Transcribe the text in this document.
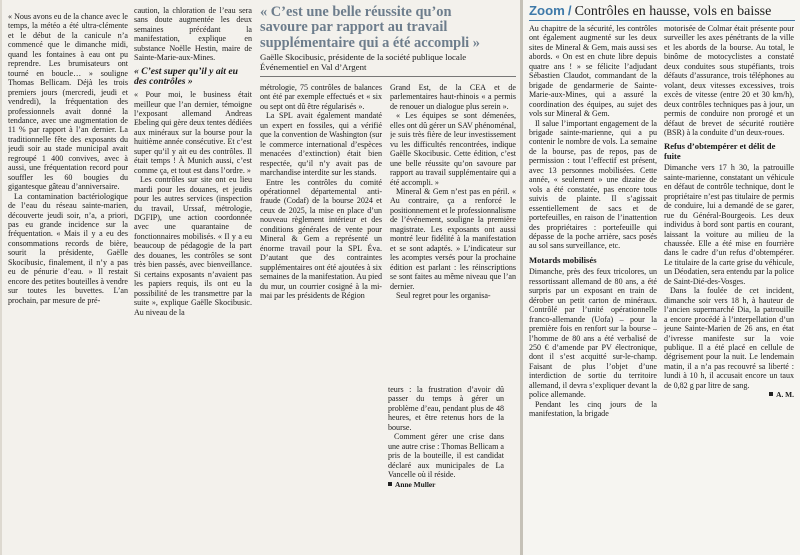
« Nous avons eu de la chance avec le temps, la météo a été ultra-clémente et le début de la canicule n’a commencé que le dimanche midi, quand les fontaines à eau ont pu reprendre. Les brumisateurs ont tourné en boucle… » souligne Thomas Bellicam. Déjà les trois premiers jours (mercredi, jeudi et vendredi), la fréquentation des professionnels avait donné la tendance, avec une augmentation de 11 % par rapport à l’an dernier. La traditionnelle fête des exposants du jeudi soir au stade municipal avait regroupé 1 400 convives, avec à aussi, une fréquentation record pour souffler les 60 bougies du gigantesque gâteau d’anniversaire.

La contamination bactériologique de l’eau du réseau sainte-marien, découverte jeudi soir, n’a, a priori, pas eu grande incidence sur la fréquentation. « Mais il y a eu des consommations records de bière, sourit la présidente, Gaëlle Skocibusic, finalement, il n’y a pas eu de pénurie d’eau. » Il restait encore des petites bouteilles à vendre sur toutes les buvettes. L’an prochain, par mesure de pré-

caution, la chloration de l’eau sera sans doute augmentée les deux semaines précédant la manifestation, explique en substance Noëlle Hestin, maire de Sainte-Marie-aux-Mines.

« C’est super qu’il y ait eu des contrôles »

« Pour moi, le business était meilleur que l’an dernier, témoigne l’exposant allemand Andreas Ebeling qui gère deux tentes dédiées aux minéraux sur la bourse pour la huitième année consécutive. Et c’est super qu’il y ait eu des contrôles. Il était temps ! À Munich aussi, c’est comme ça, et tout est dans l’ordre. »

Les contrôles sur site ont eu lieu mardi pour les douanes, et jeudis pour les autres services (inspection du travail, Urssaf, métrologie, DGFIP), une action coordonnée avec une quarantaine de fonctionnaires mobilisés. « Il y a eu beaucoup de pédagogie de la part des douanes, les contrôles se sont très bien passés, avec bienveillance. Si certains exposants n’avaient pas les papiers requis, ils ont eu la possibilité de les transmettre par la suite », explique Gaëlle Skocibusic. Au niveau de la

« C’est une belle réussite qu’on
savoure par rapport au travail
supplémentaire qui a été accompli »
Gaëlle Skocibusic, présidente de la société publique locale Événementiel en Val d’Argent

métrologie, 75 contrôles de balances ont été par exemple effectués et « six ou sept ont dû être régularisés ».

La SPL avait également mandaté un expert en fossiles, qui a vérifié que la convention de Washington (sur le commerce international d’espèces menacées d’extinction) était bien respectée, qu’il n’y avait pas de marchandise interdite sur les stands.

Entre les contrôles du comité opérationnel départemental anti-fraude (Codaf) de la bourse 2024 et ceux de 2025, la mise en place d’un nouveau règlement intérieur et des conditions générales de vente pour Mineral & Gem a représenté un énorme travail pour la SPL Éva. D’autant que des contraintes supplémentaires ont été ajoutées à six semaines de la manifestation. Au pied du mur, un courrier cosigné à la mi-mai par les présidents de Région

Grand Est, de la CEA et de parlementaires haut-rhinois « a permis de renouer un dialogue plus serein ».

« Les équipes se sont démenées, elles ont dû gérer un SAV phénoménal, je suis très fière de leur investissement vu les difficultés rencontrées, indique Gaëlle Skocibusic. Cette édition, c’est une belle réussite qu’on savoure par rapport au travail supplémentaire qui a été accompli. »

Mineral & Gem n’est pas en péril. « Au contraire, ça a renforcé le positionnement et le professionnalisme de l’événement, souligne la première magistrate. Les exposants ont aussi montré leur fidélité à la manifestation et se sont adaptés. » L’indicateur sur les acomptes versés pour la prochaine édition est parlant : les réinscriptions se sont faites au même niveau que l’an dernier.

Seul regret pour les organisa-

teurs : la frustration d’avoir dû passer du temps à gérer un problème d’eau, pendant plus de 48 heures, et être retenus hors de la bourse.

Comment gérer une crise dans une autre crise : Thomas Bellicam a pris de la bouteille, il est candidat déclaré aux municipales de La Vancelle où il réside.

Anne Muller

Zoom / Contrôles en hausse, vols en baisse

Au chapitre de la sécurité, les contrôles ont également augmenté sur les deux sites de Mineral & Gem, mais aussi ses abords. « On est en chute libre depuis quatre ans ! » se félicite l’adjudant Sébastien Claudot, commandant de la brigade de gendarmerie de Sainte-Marie-aux-Mines, qui a assuré la coordination des équipes, au sujet des vols sur Mineral & Gem.

Il salue l’important engagement de la brigade sainte-marienne, qui a pu contenir le nombre de vols. La semaine de la bourse, pas de repos, pas de permission : tout l’effectif est présent, avec 13 personnes mobilisées. Cette année, « seulement » une dizaine de vols a été constatée, pas encore tous suivis de plainte. Il s’agissait essentiellement de sacs et de portefeuilles, en raison de l’inattention des propriétaires : portefeuille qui dépasse de la poche arrière, sacs posés au sol sans surveillance, etc.

Motards mobilisés

Dimanche, près des feux tricolores, un ressortissant allemand de 80 ans, a été surpris par un exposant en train de dérober un petit carton de minéraux. Contrôlé par l’unité opérationnelle franco-allemande (Uofa) – pour la première fois en renfort sur la bourse – l’homme de 80 ans a été verbalisé de 250 € d’amende par PV électronique, dont il s’est acquitté sur-le-champ. Faisant de plus l’objet d’une interdiction de sortie du territoire allemand, il devra s’expliquer devant la police allemande.

Pendant les cinq jours de la manifestation, la brigade

motorisée de Colmar était présente pour surveiller les axes pénétrants de la ville et les abords de la bourse. Au total, le binôme de motocyclistes a constaté deux conduites sous stupéfiants, trois défauts d’assurance, trois téléphones au volant, deux vitesses excessives, trois excès de vitesse (entre 20 et 30 km/h), deux contrôles techniques pas à jour, un permis de conduire non prorogé et un défaut de brevet de sécurité routière (BSR) à la conduite d’un deux-roues.

Refus d’obtempérer et délit de fuite

Dimanche vers 17 h 30, la patrouille sainte-marienne, constatant un véhicule en défaut de contrôle technique, dont le propriétaire n’est pas titulaire de permis de conduire, lui a demandé de se garer, rue du Général-Bourgeois. Les deux individus à bord sont partis en courant, laissant la voiture au milieu de la chaussée. Elle a été mise en fourrière dans le cadre d’un refus d’obtempérer. Le titulaire de la carte grise du véhicule, un Déodatien, sera entendu par la police de Saint-Dié-des-Vosges.

Dans la foulée de cet incident, dimanche soir vers 18 h, à hauteur de l’ancien supermarché Dia, la patrouille a encore procédé à l’interpellation d’un jeune Sainte-Marien de 26 ans, en état d’ivresse manifeste sur la voie publique. Il a été placé en cellule de dégrisement pour la nuit. Le lendemain matin, il a n’a pas recouvré sa liberté : lundi à 10 h, il accusait encore un taux de 0,82 g par litre de sang.

A. M.
